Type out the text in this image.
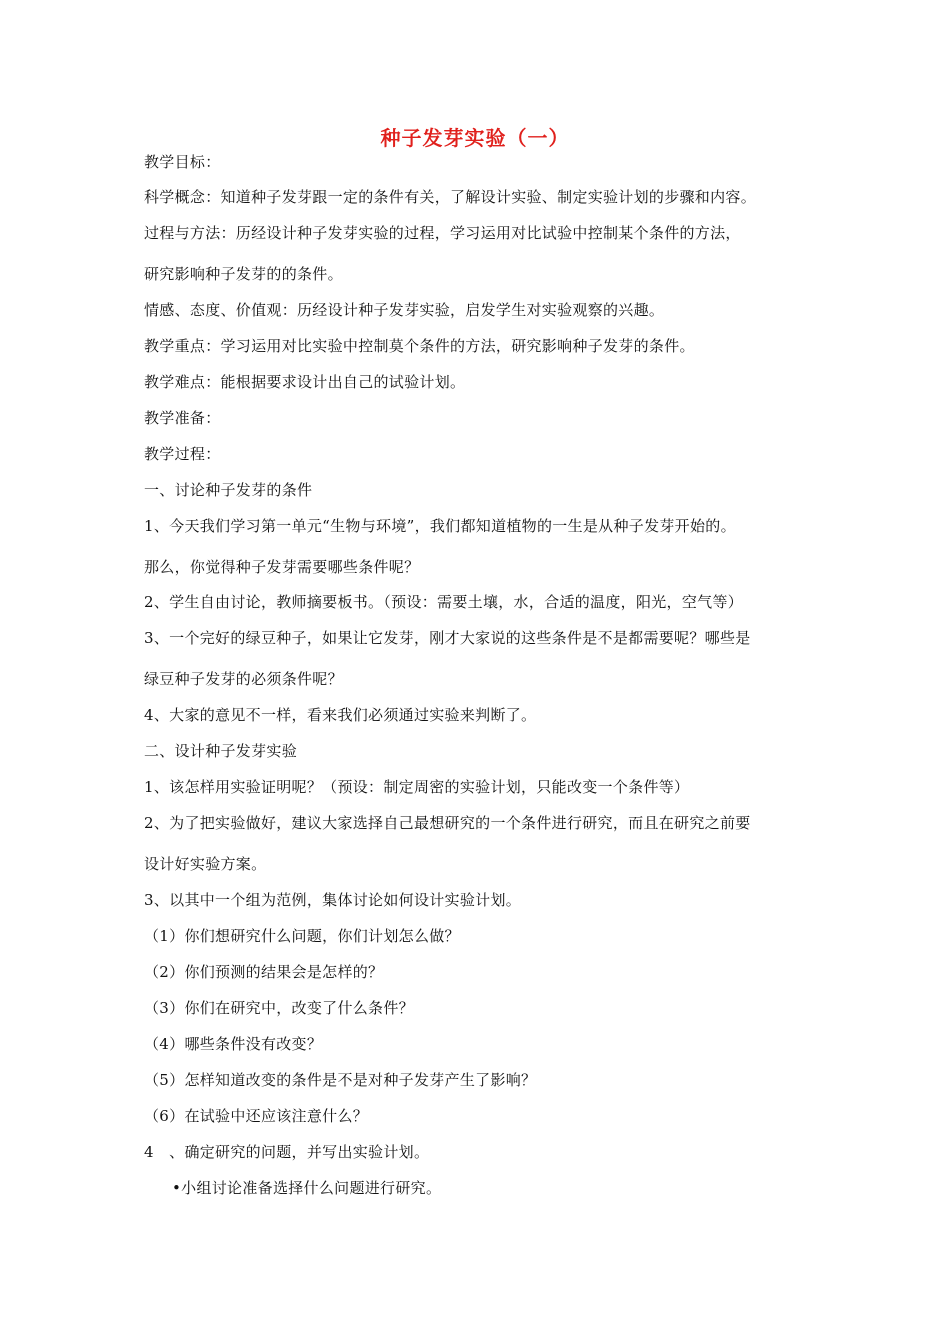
种子发芽实验（一）
教学目标：
科学概念：知道种子发芽跟一定的条件有关，了解设计实验、制定实验计划的步骤和内容。
过程与方法：历经设计种子发芽实验的过程，学习运用对比试验中控制某个条件的方法，
研究影响种子发芽的的条件。
情感、态度、价值观：历经设计种子发芽实验，启发学生对实验观察的兴趣。
教学重点：学习运用对比实验中控制莫个条件的方法，研究影响种子发芽的条件。
教学难点：能根据要求设计出自己的试验计划。
教学准备：
教学过程：
一、讨论种子发芽的条件
1、今天我们学习第一单元“生物与环境”，我们都知道植物的一生是从种子发芽开始的。
那么，你觉得种子发芽需要哪些条件呢？
2、学生自由讨论，教师摘要板书。（预设：需要土壤，水，合适的温度，阳光，空气等）
3、一个完好的绿豆种子，如果让它发芽，刚才大家说的这些条件是不是都需要呢？哪些是
绿豆种子发芽的必须条件呢？
4、大家的意见不一样，看来我们必须通过实验来判断了。
二、设计种子发芽实验
1、该怎样用实验证明呢？（预设：制定周密的实验计划，只能改变一个条件等）
2、为了把实验做好，建议大家选择自己最想研究的一个条件进行研究，而且在研究之前要
设计好实验方案。
3、以其中一个组为范例，集体讨论如何设计实验计划。
（1）你们想研究什么问题，你们计划怎么做？
（2）你们预测的结果会是怎样的？
（3）你们在研究中，改变了什么条件？
（4）哪些条件没有改变？
（5）怎样知道改变的条件是不是对种子发芽产生了影响？
（6）在试验中还应该注意什么？
4　、确定研究的问题，并写出实验计划。
•小组讨论准备选择什么问题进行研究。
